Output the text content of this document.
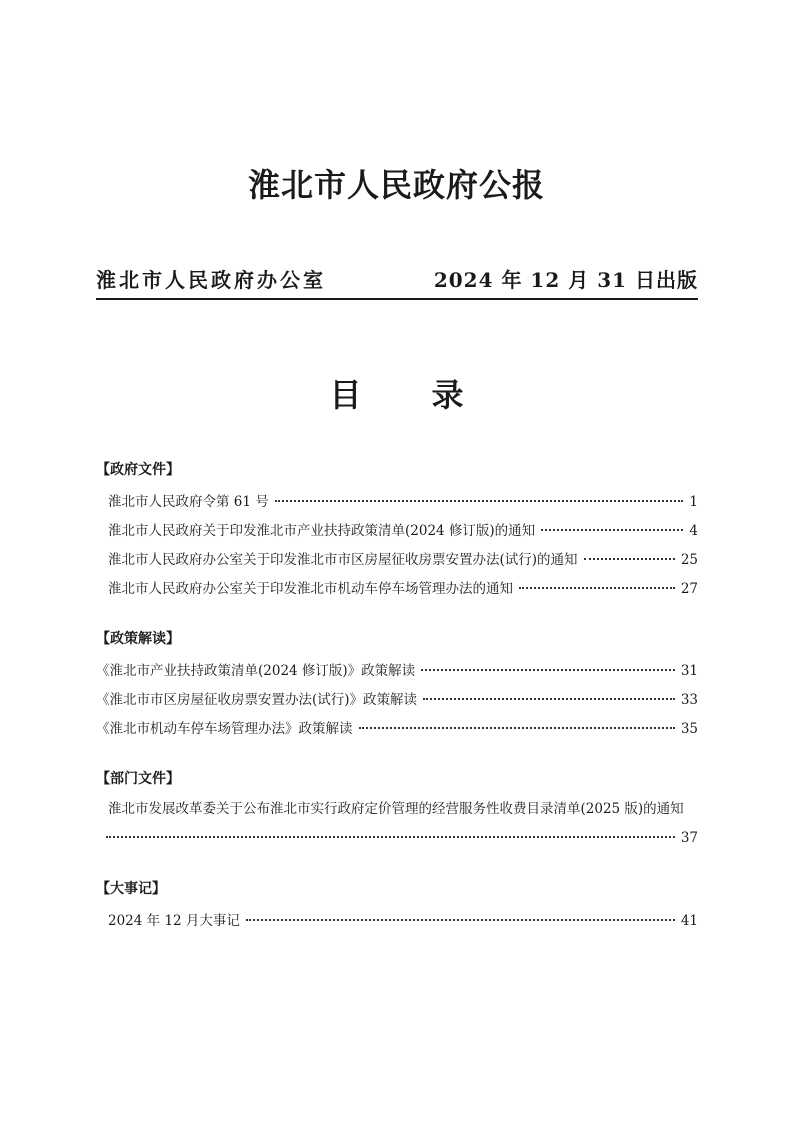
淮北市人民政府公报
淮北市人民政府办公室	2024 年 12 月 31 日出版
目录
【政府文件】
淮北市人民政府令第 61 号	1
淮北市人民政府关于印发淮北市产业扶持政策清单(2024 修订版)的通知	4
淮北市人民政府办公室关于印发淮北市市区房屋征收房票安置办法(试行)的通知	25
淮北市人民政府办公室关于印发淮北市机动车停车场管理办法的通知	27
【政策解读】
《淮北市产业扶持政策清单(2024 修订版)》政策解读	31
《淮北市市区房屋征收房票安置办法(试行)》政策解读	33
《淮北市机动车停车场管理办法》政策解读	35
【部门文件】
淮北市发展改革委关于公布淮北市实行政府定价管理的经营服务性收费目录清单(2025 版)的通知
37
【大事记】
2024 年 12 月大事记	41
